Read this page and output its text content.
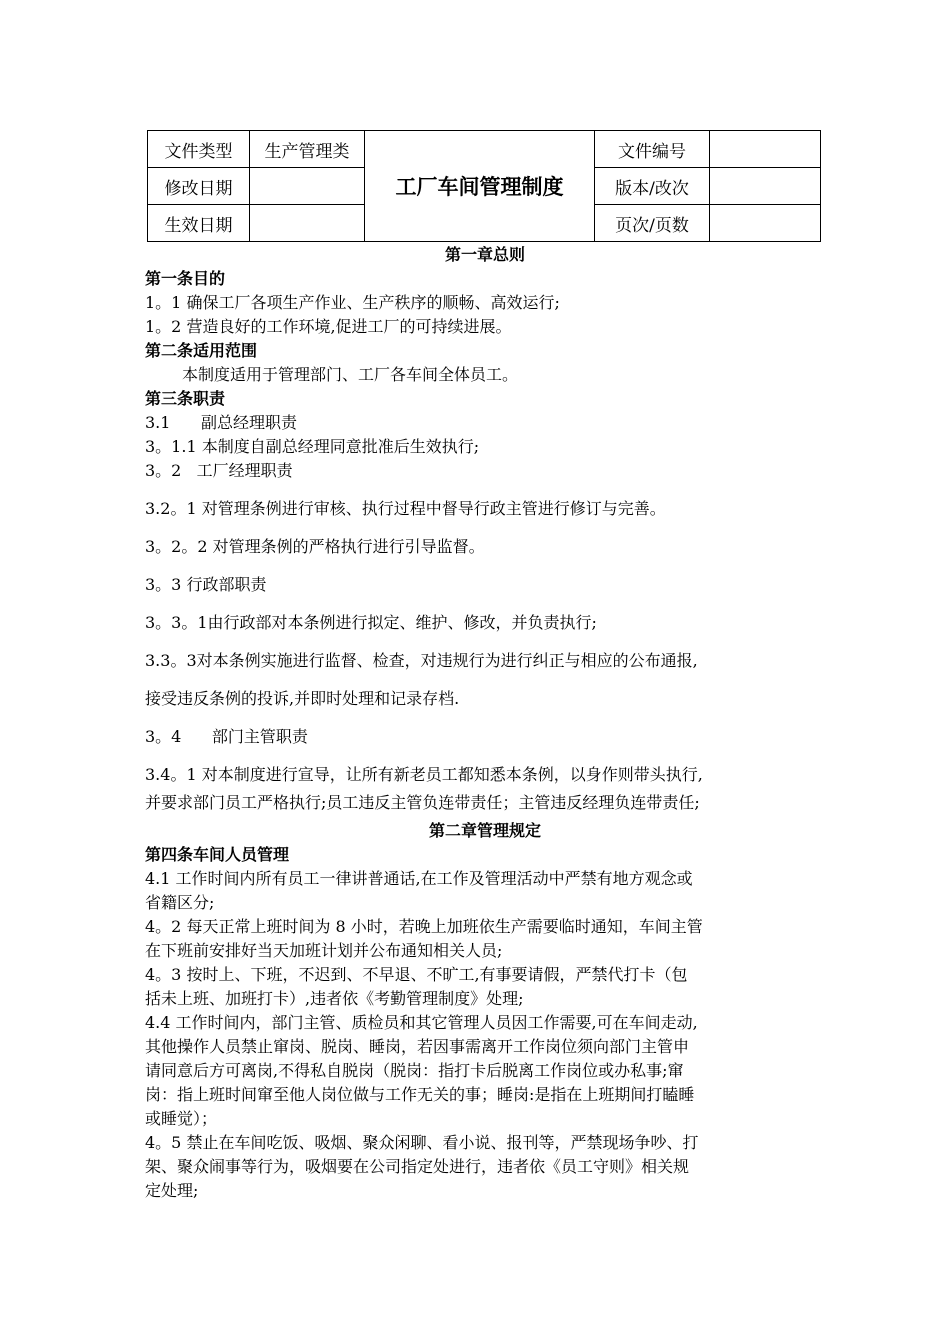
文件类型	生产管理类	工厂车间管理制度	文件编号	
修改日期			版本/改次	
生效日期			页次/页数	
第一章总则
第一条目的
1。1 确保工厂各项生产作业、生产秩序的顺畅、高效运行;
1。2 营造良好的工作环境,促进工厂的可持续进展。
第二条适用范围
本制度适用于管理部门、工厂各车间全体员工。
第三条职责
3.1      副总经理职责
3。1.1 本制度自副总经理同意批准后生效执行;
3。2   工厂经理职责
3.2。1 对管理条例进行审核、执行过程中督导行政主管进行修订与完善。
3。2。2 对管理条例的严格执行进行引导监督。
3。3 行政部职责
3。3。1由行政部对本条例进行拟定、维护、修改，并负责执行;
3.3。3对本条例实施进行监督、检查，对违规行为进行纠正与相应的公布通报,
接受违反条例的投诉,并即时处理和记录存档.
3。4      部门主管职责
3.4。1 对本制度进行宣导，让所有新老员工都知悉本条例，以身作则带头执行,
并要求部门员工严格执行;员工违反主管负连带责任；主管违反经理负连带责任;
第二章管理规定
第四条车间人员管理
4.1 工作时间内所有员工一律讲普通话,在工作及管理活动中严禁有地方观念或
省籍区分;
4。2 每天正常上班时间为 8 小时，若晚上加班依生产需要临时通知，车间主管
在下班前安排好当天加班计划并公布通知相关人员;
4。3 按时上、下班，不迟到、不早退、不旷工,有事要请假，严禁代打卡（包
括未上班、加班打卡）,违者依《考勤管理制度》处理;
4.4 工作时间内，部门主管、质检员和其它管理人员因工作需要,可在车间走动,
其他操作人员禁止窜岗、脱岗、睡岗，若因事需离开工作岗位须向部门主管申
请同意后方可离岗,不得私自脱岗（脱岗：指打卡后脱离工作岗位或办私事;窜
岗：指上班时间窜至他人岗位做与工作无关的事；睡岗:是指在上班期间打瞌睡
或睡觉）；
4。5 禁止在车间吃饭、吸烟、聚众闲聊、看小说、报刊等，严禁现场争吵、打
架、聚众闹事等行为，吸烟要在公司指定处进行，违者依《员工守则》相关规
定处理;
